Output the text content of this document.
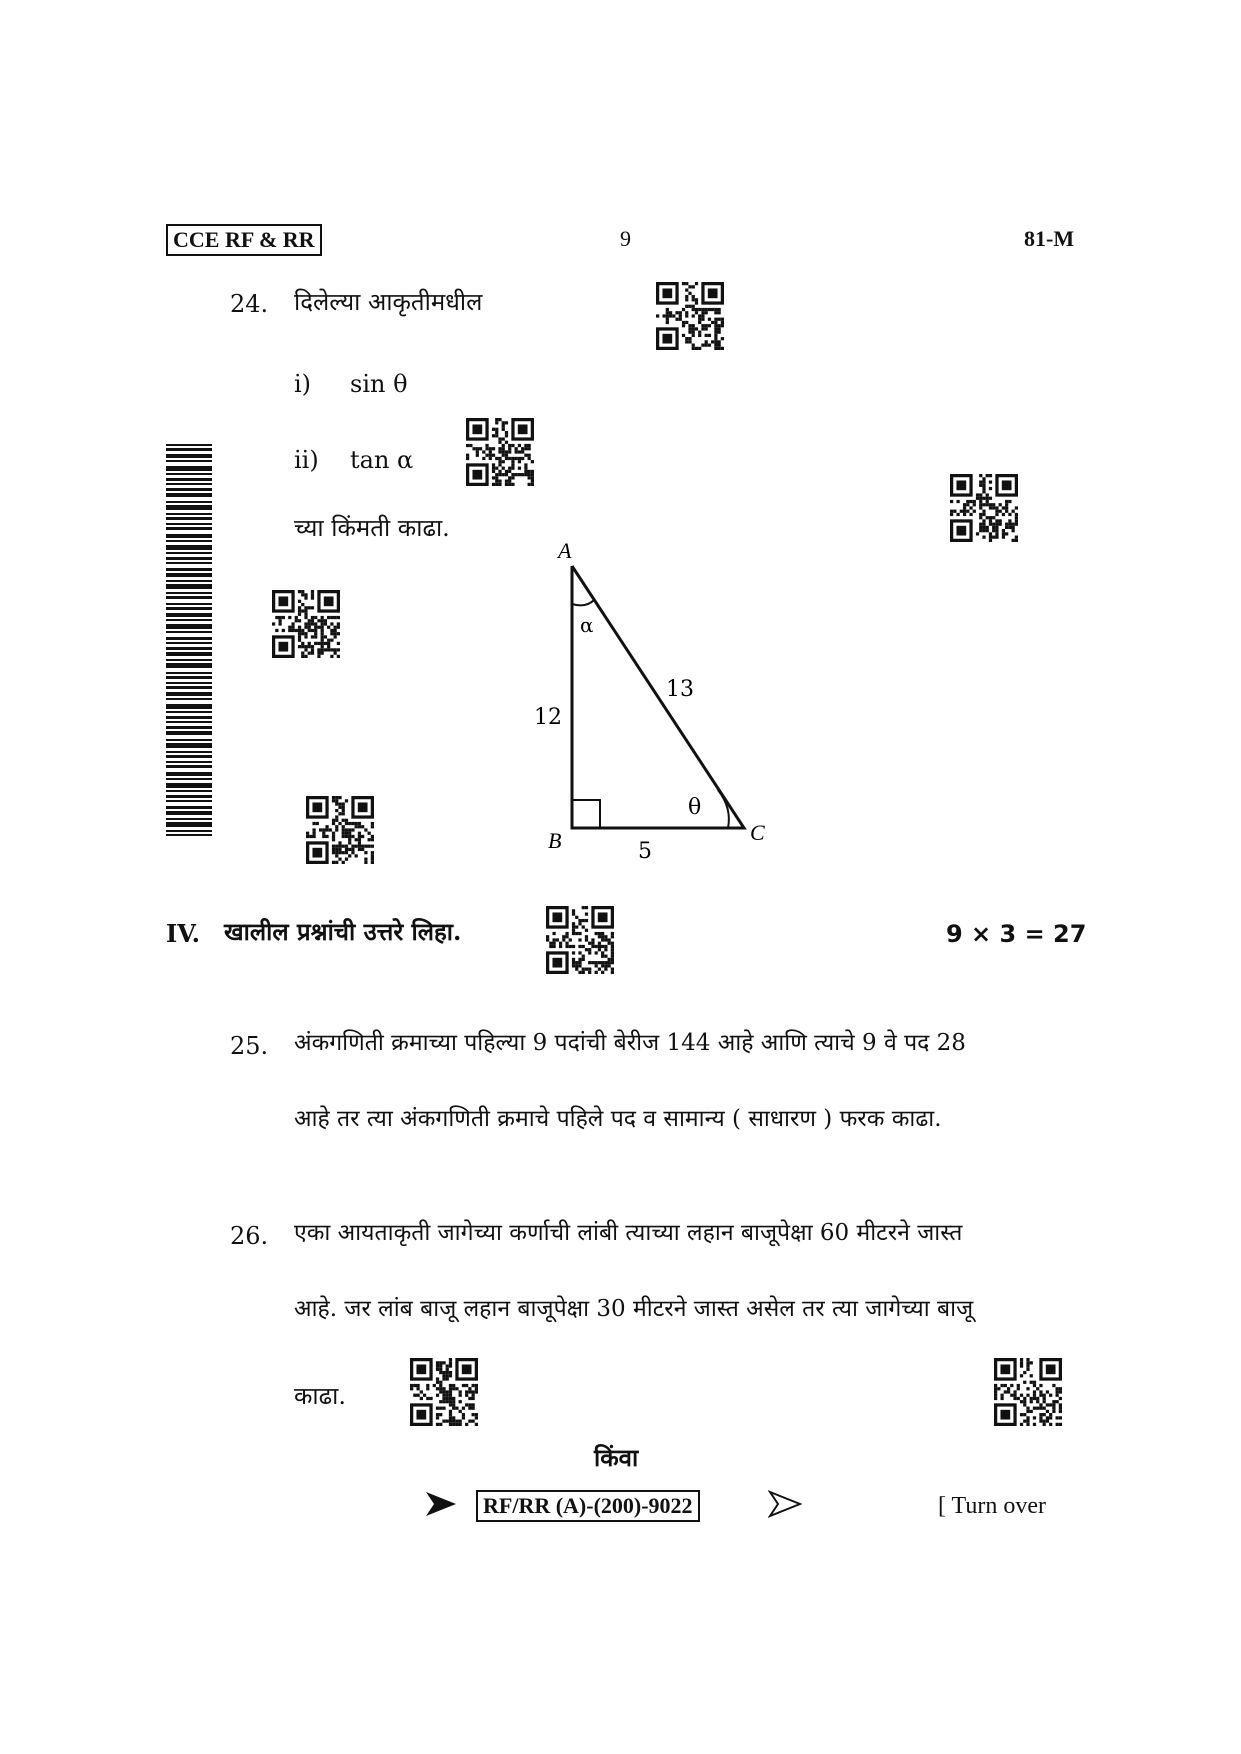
CCE RF & RR	9	81-M
24. दिलेल्या आकृतीमधील
i) sin θ
ii) tan α
च्या किंमती काढा.
A
B	C
α
θ
12
13
5
IV. खालील प्रश्नांची उत्तरे लिहा.	9 × 3 = 27
25. अंकगणिती क्रमाच्या पहिल्या 9 पदांची बेरीज 144 आहे आणि त्याचे 9 वे पद 28
आहे तर त्या अंकगणिती क्रमाचे पहिले पद व सामान्य ( साधारण ) फरक काढा.
26. एका आयताकृती जागेच्या कर्णाची लांबी त्याच्या लहान बाजूपेक्षा 60 मीटरने जास्त
आहे. जर लांब बाजू लहान बाजूपेक्षा 30 मीटरने जास्त असेल तर त्या जागेच्या बाजू
काढा.
किंवा
RF/RR (A)-(200)-9022	[ Turn over
